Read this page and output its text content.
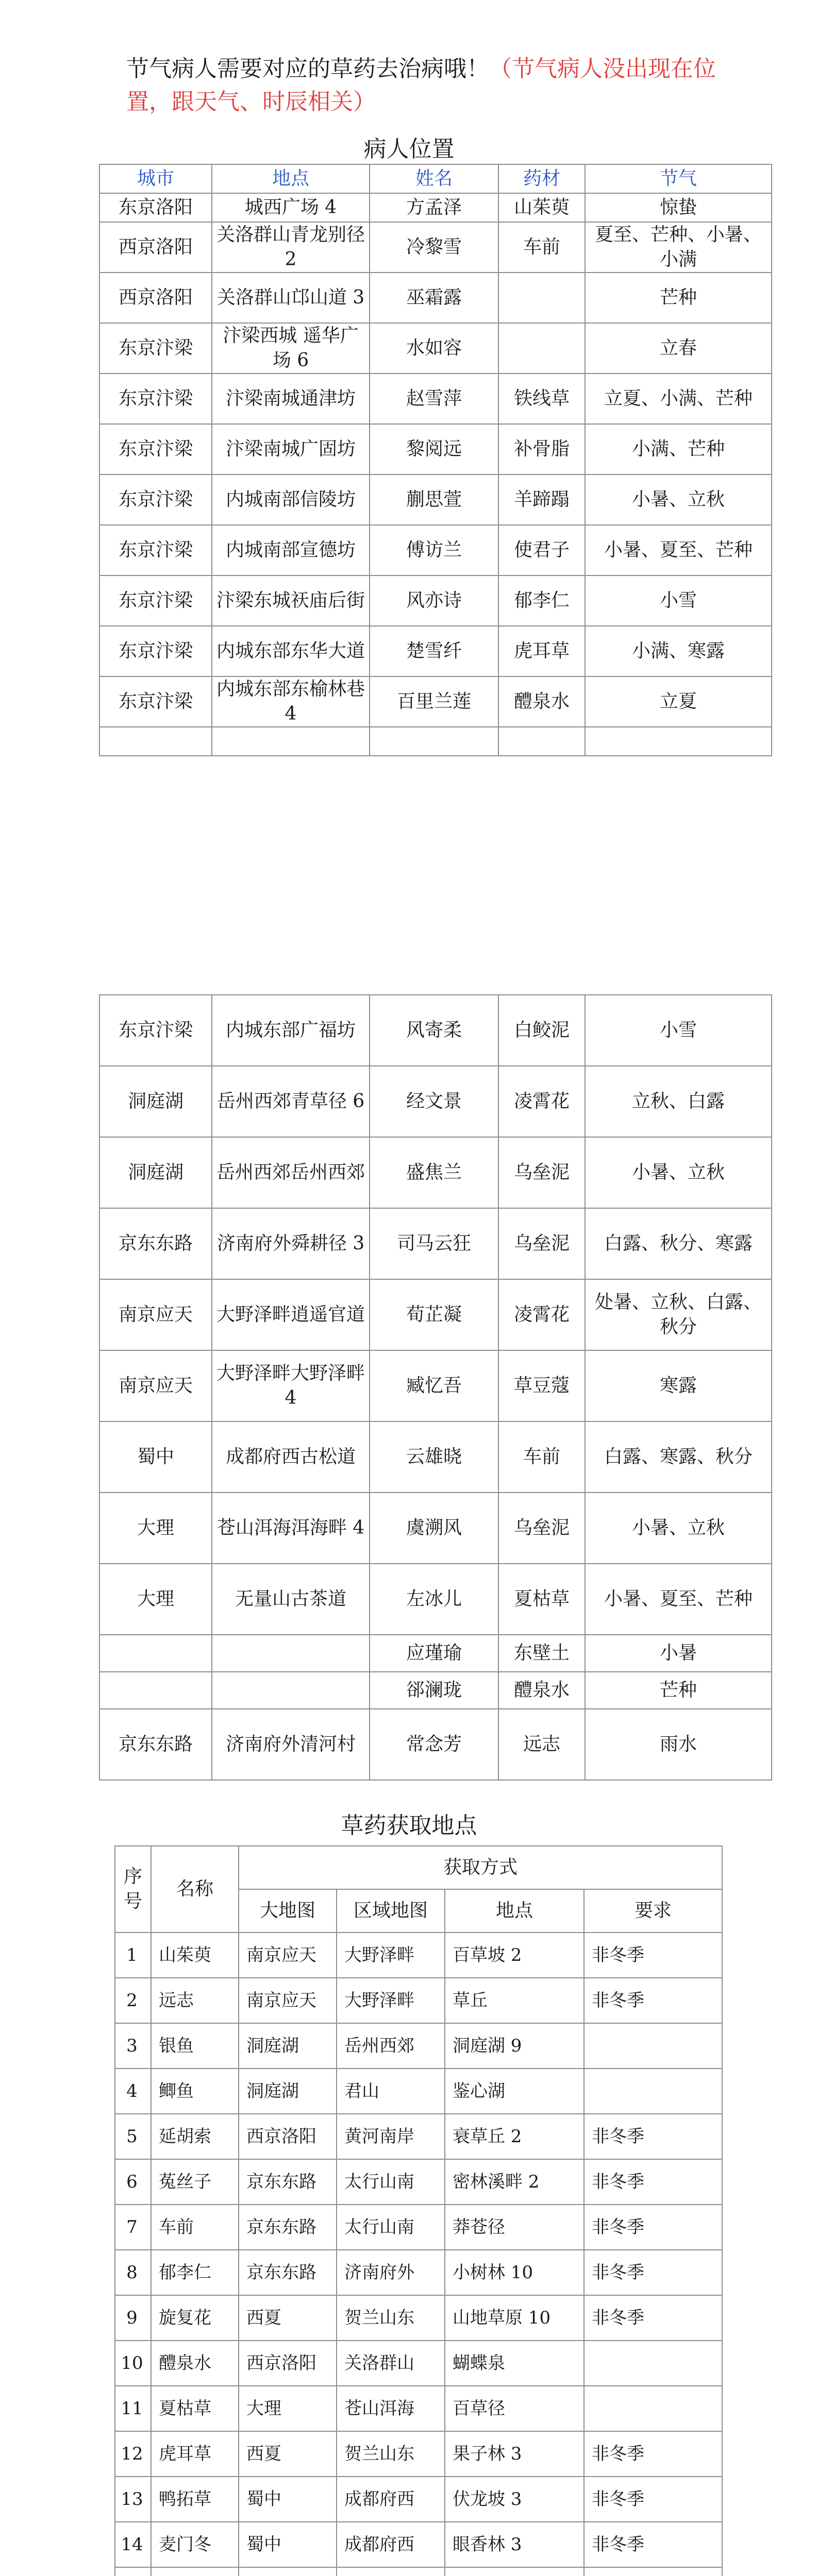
节气病人需要对应的草药去治病哦！（节气病人没出现在位置，跟天气、时辰相关）
病人位置
城市	地点	姓名	药材	节气
东京洛阳	城西广场 4	方孟泽	山茱萸	惊蛰
西京洛阳	关洛群山青龙别径 2	冷黎雪	车前	夏至、芒种、小暑、小满
西京洛阳	关洛群山邙山道 3	巫霜露		芒种
东京汴梁	汴梁西城 遥华广场 6	水如容		立春
东京汴梁	汴梁南城通津坊	赵雪萍	铁线草	立夏、小满、芒种
东京汴梁	汴梁南城广固坊	黎阅远	补骨脂	小满、芒种
东京汴梁	内城南部信陵坊	蒯思萱	羊蹄蹋	小暑、立秋
东京汴梁	内城南部宣德坊	傅访兰	使君子	小暑、夏至、芒种
东京汴梁	汴梁东城祆庙后街	风亦诗	郁李仁	小雪
东京汴梁	内城东部东华大道	楚雪纤	虎耳草	小满、寒露
东京汴梁	内城东部东榆林巷 4	百里兰莲	醴泉水	立夏

东京汴梁	内城东部广福坊	风寄柔	白鲛泥	小雪
洞庭湖	岳州西郊青草径 6	经文景	凌霄花	立秋、白露
洞庭湖	岳州西郊岳州西郊	盛焦兰	乌垒泥	小暑、立秋
京东东路	济南府外舜耕径 3	司马云狂	乌垒泥	白露、秋分、寒露
南京应天	大野泽畔逍遥官道	荀芷凝	凌霄花	处暑、立秋、白露、秋分
南京应天	大野泽畔大野泽畔 4	臧忆吾	草豆蔻	寒露
蜀中	成都府西古松道	云雄晓	车前	白露、寒露、秋分
大理	苍山洱海洱海畔 4	虞溯风	乌垒泥	小暑、立秋
大理	无量山古茶道	左冰儿	夏枯草	小暑、夏至、芒种
		应瑾瑜	东壁土	小暑
		郤澜珑	醴泉水	芒种
京东东路	济南府外清河村	常念芳	远志	雨水
草药获取地点
序号	名称	获取方式			
		大地图	区域地图	地点	要求
1	山茱萸	南京应天	大野泽畔	百草坡 2	非冬季
2	远志	南京应天	大野泽畔	草丘	非冬季
3	银鱼	洞庭湖	岳州西郊	洞庭湖 9	
4	鲫鱼	洞庭湖	君山	鉴心湖	
5	延胡索	西京洛阳	黄河南岸	衰草丘 2	非冬季
6	菟丝子	京东东路	太行山南	密林溪畔 2	非冬季
7	车前	京东东路	太行山南	莽苍径	非冬季
8	郁李仁	京东东路	济南府外	小树林 10	非冬季
9	旋复花	西夏	贺兰山东	山地草原 10	非冬季
10	醴泉水	西京洛阳	关洛群山	蝴蝶泉	
11	夏枯草	大理	苍山洱海	百草径	
12	虎耳草	西夏	贺兰山东	果子林 3	非冬季
13	鸭拓草	蜀中	成都府西	伏龙坡 3	非冬季
14	麦门冬	蜀中	成都府西	眼香林 3	非冬季
